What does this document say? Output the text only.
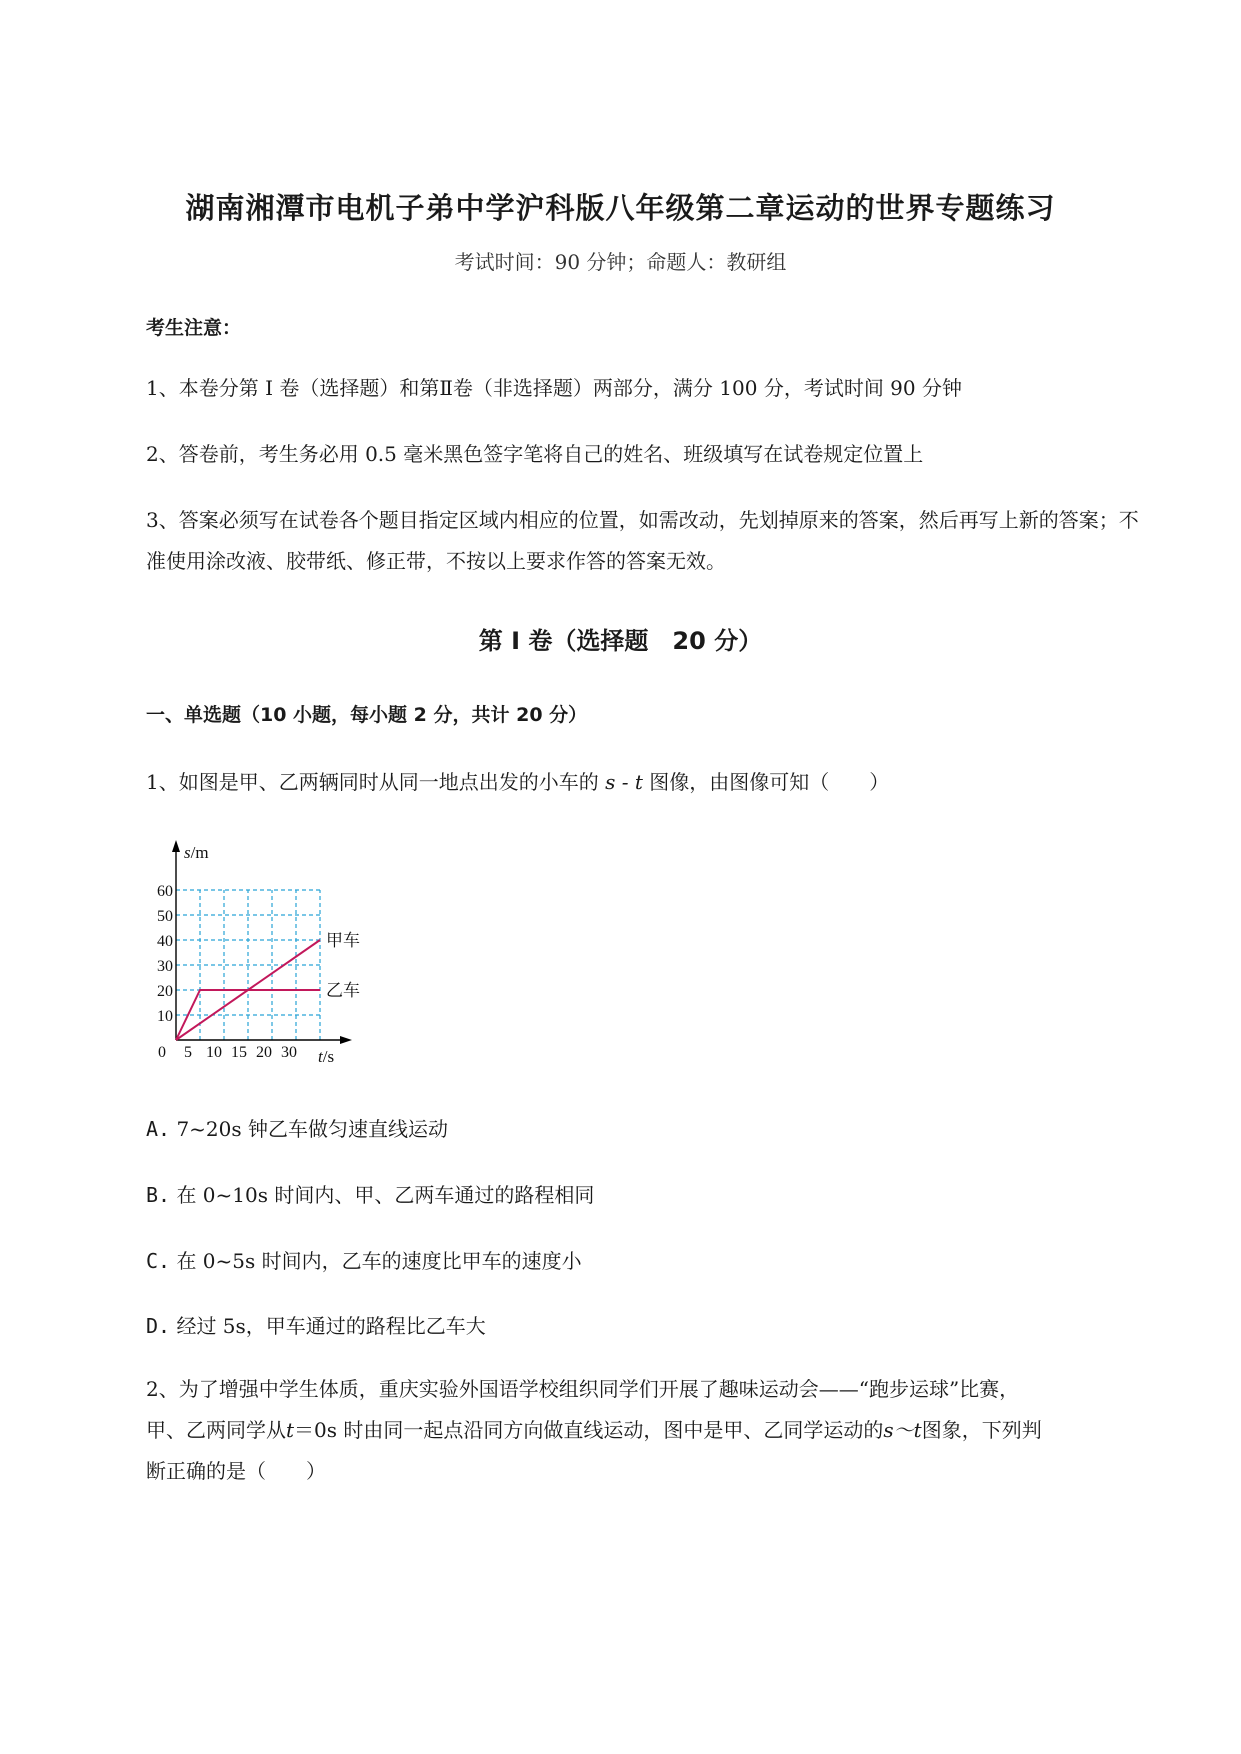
湖南湘潭市电机子弟中学沪科版八年级第二章运动的世界专题练习
考试时间：90 分钟；命题人：教研组
考生注意：
1、本卷分第 I 卷（选择题）和第Ⅱ卷（非选择题）两部分，满分 100 分，考试时间 90 分钟
2、答卷前，考生务必用 0.5 毫米黑色签字笔将自己的姓名、班级填写在试卷规定位置上
3、答案必须写在试卷各个题目指定区域内相应的位置，如需改动，先划掉原来的答案，然后再写上新的答案；不准使用涂改液、胶带纸、修正带，不按以上要求作答的答案无效。
第 I 卷（选择题　20 分）
一、单选题（10 小题，每小题 2 分，共计 20 分）
1、如图是甲、乙两辆同时从同一地点出发的小车的 s - t 图像，由图像可知（　　）
甲车
乙车
10
20
30
40
50
60
0 5 10 15 20 30
s/m
t/s
A. 7~20s 钟乙车做匀速直线运动
B. 在 0~10s 时间内、甲、乙两车通过的路程相同
C. 在 0~5s 时间内，乙车的速度比甲车的速度小
D. 经过 5s，甲车通过的路程比乙车大
2、为了增强中学生体质，重庆实验外国语学校组织同学们开展了趣味运动会——“跑步运球”比赛，
甲、乙两同学从t＝0s 时由同一起点沿同方向做直线运动，图中是甲、乙同学运动的s～t图象，下列判
断正确的是（　　）
